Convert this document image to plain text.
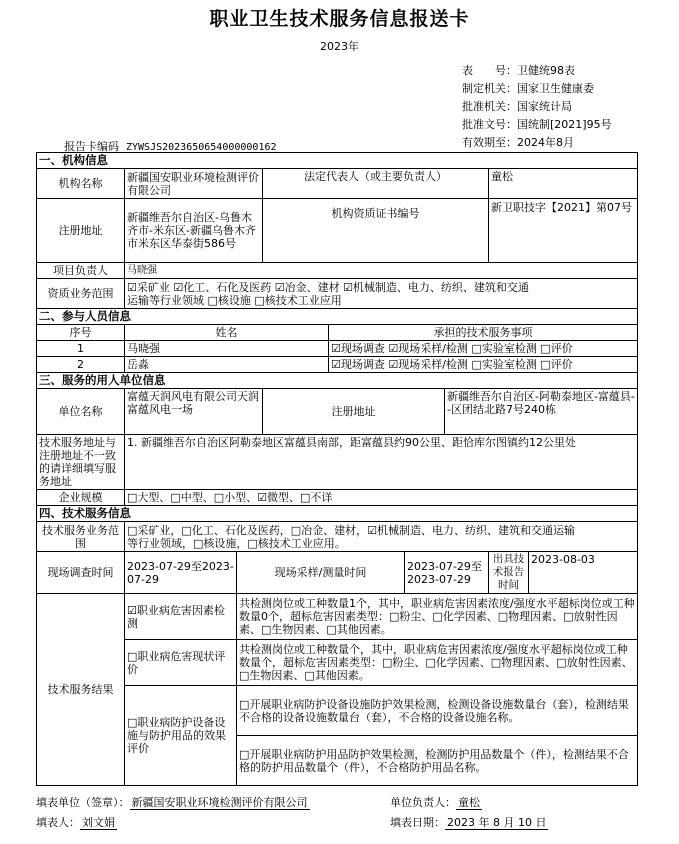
职业卫生技术服务信息报送卡
2023年
表　　号：卫健统98表
制定机关：国家卫生健康委
批准机关：国家统计局
批准文号：国统制[2021]95号
有效期至：2024年8月
报告卡编码 ZYWSJS2023650654000000162
一、机构信息								
机构名称	新疆国安职业环境检测评价有限公司		法定代表人（或主要负责人）				童松	
注册地址	新疆维吾尔自治区-乌鲁木齐市-米东区-新疆乌鲁木齐市米东区华泰街586号		机构资质证书编号				新卫职技字【2021】第07号	
项目负责人	马晓强							
资质业务范围	☑采矿业 ☑化工、石化及医药 ☑冶金、建材 ☑机械制造、电力、纺织、建筑和交通
运输等行业领域 □核设施 □核技术工业应用							
二、参与人员信息								
序号	姓名			承担的技术服务事项				
1	马晓强			☑现场调查 ☑现场采样/检测 □实验室检测 □评价				
2	岳淼			☑现场调查 ☑现场采样/检测 □实验室检测 □评价				
三、服务的用人单位信息								
单位名称	富蕴天润风电有限公司天润富蕴风电一场		注册地址			新疆维吾尔自治区-阿勒泰地区-富蕴县--区团结北路7号240栋		
技术服务地址与注册地址不一致的请详细填写服务地址	1. 新疆维吾尔自治区阿勒泰地区富蕴县南部，距富蕴县约90公里、距恰库尔图镇约12公里处							
企业规模	□大型、□中型、□小型、☑微型、□不详							
四、技术服务信息								
技术服务业务范围	□采矿业，□化工、石化及医药，□冶金、建材，☑机械制造、电力、纺织、建筑和交通运输
等行业领域，□核设施，□核技术工业应用。							
现场调查时间	2023-07-29至2023-07-29	现场采样/测量时间			2023-07-29至2023-07-29		出具技术报告时间	2023-08-03
技术服务结果	☑职业病危害因素检测	共检测岗位或工种数量1个，其中，职业病危害因素浓度/强度水平超标岗位或工种数量0个，超标危害因素类型：□粉尘、□化学因素、□物理因素、□放射性因素、□生物因素、□其他因素。						
	□职业病危害现状评价	共检测岗位或工种数量个，其中，职业病危害因素浓度/强度水平超标岗位或工种数量个，超标危害因素类型：□粉尘、□化学因素、□物理因素、□放射性因素、□生物因素、□其他因素。						
	□职业病防护设备设施与防护用品的效果评价	□开展职业病防护设备设施防护效果检测，检测设备设施数量台（套），检测结果不合格的设备设施数量台（套），不合格的设备设施名称。						
		□开展职业病防护用品防护效果检测，检测防护用品数量个（件），检测结果不合格的防护用品数量个（件），不合格防护用品名称。						
填表单位（签章）： 新疆国安职业环境检测评价有限公司	单位负责人： 童松
填表人： 刘文娟	填表日期： 2023 年 8 月 10 日
